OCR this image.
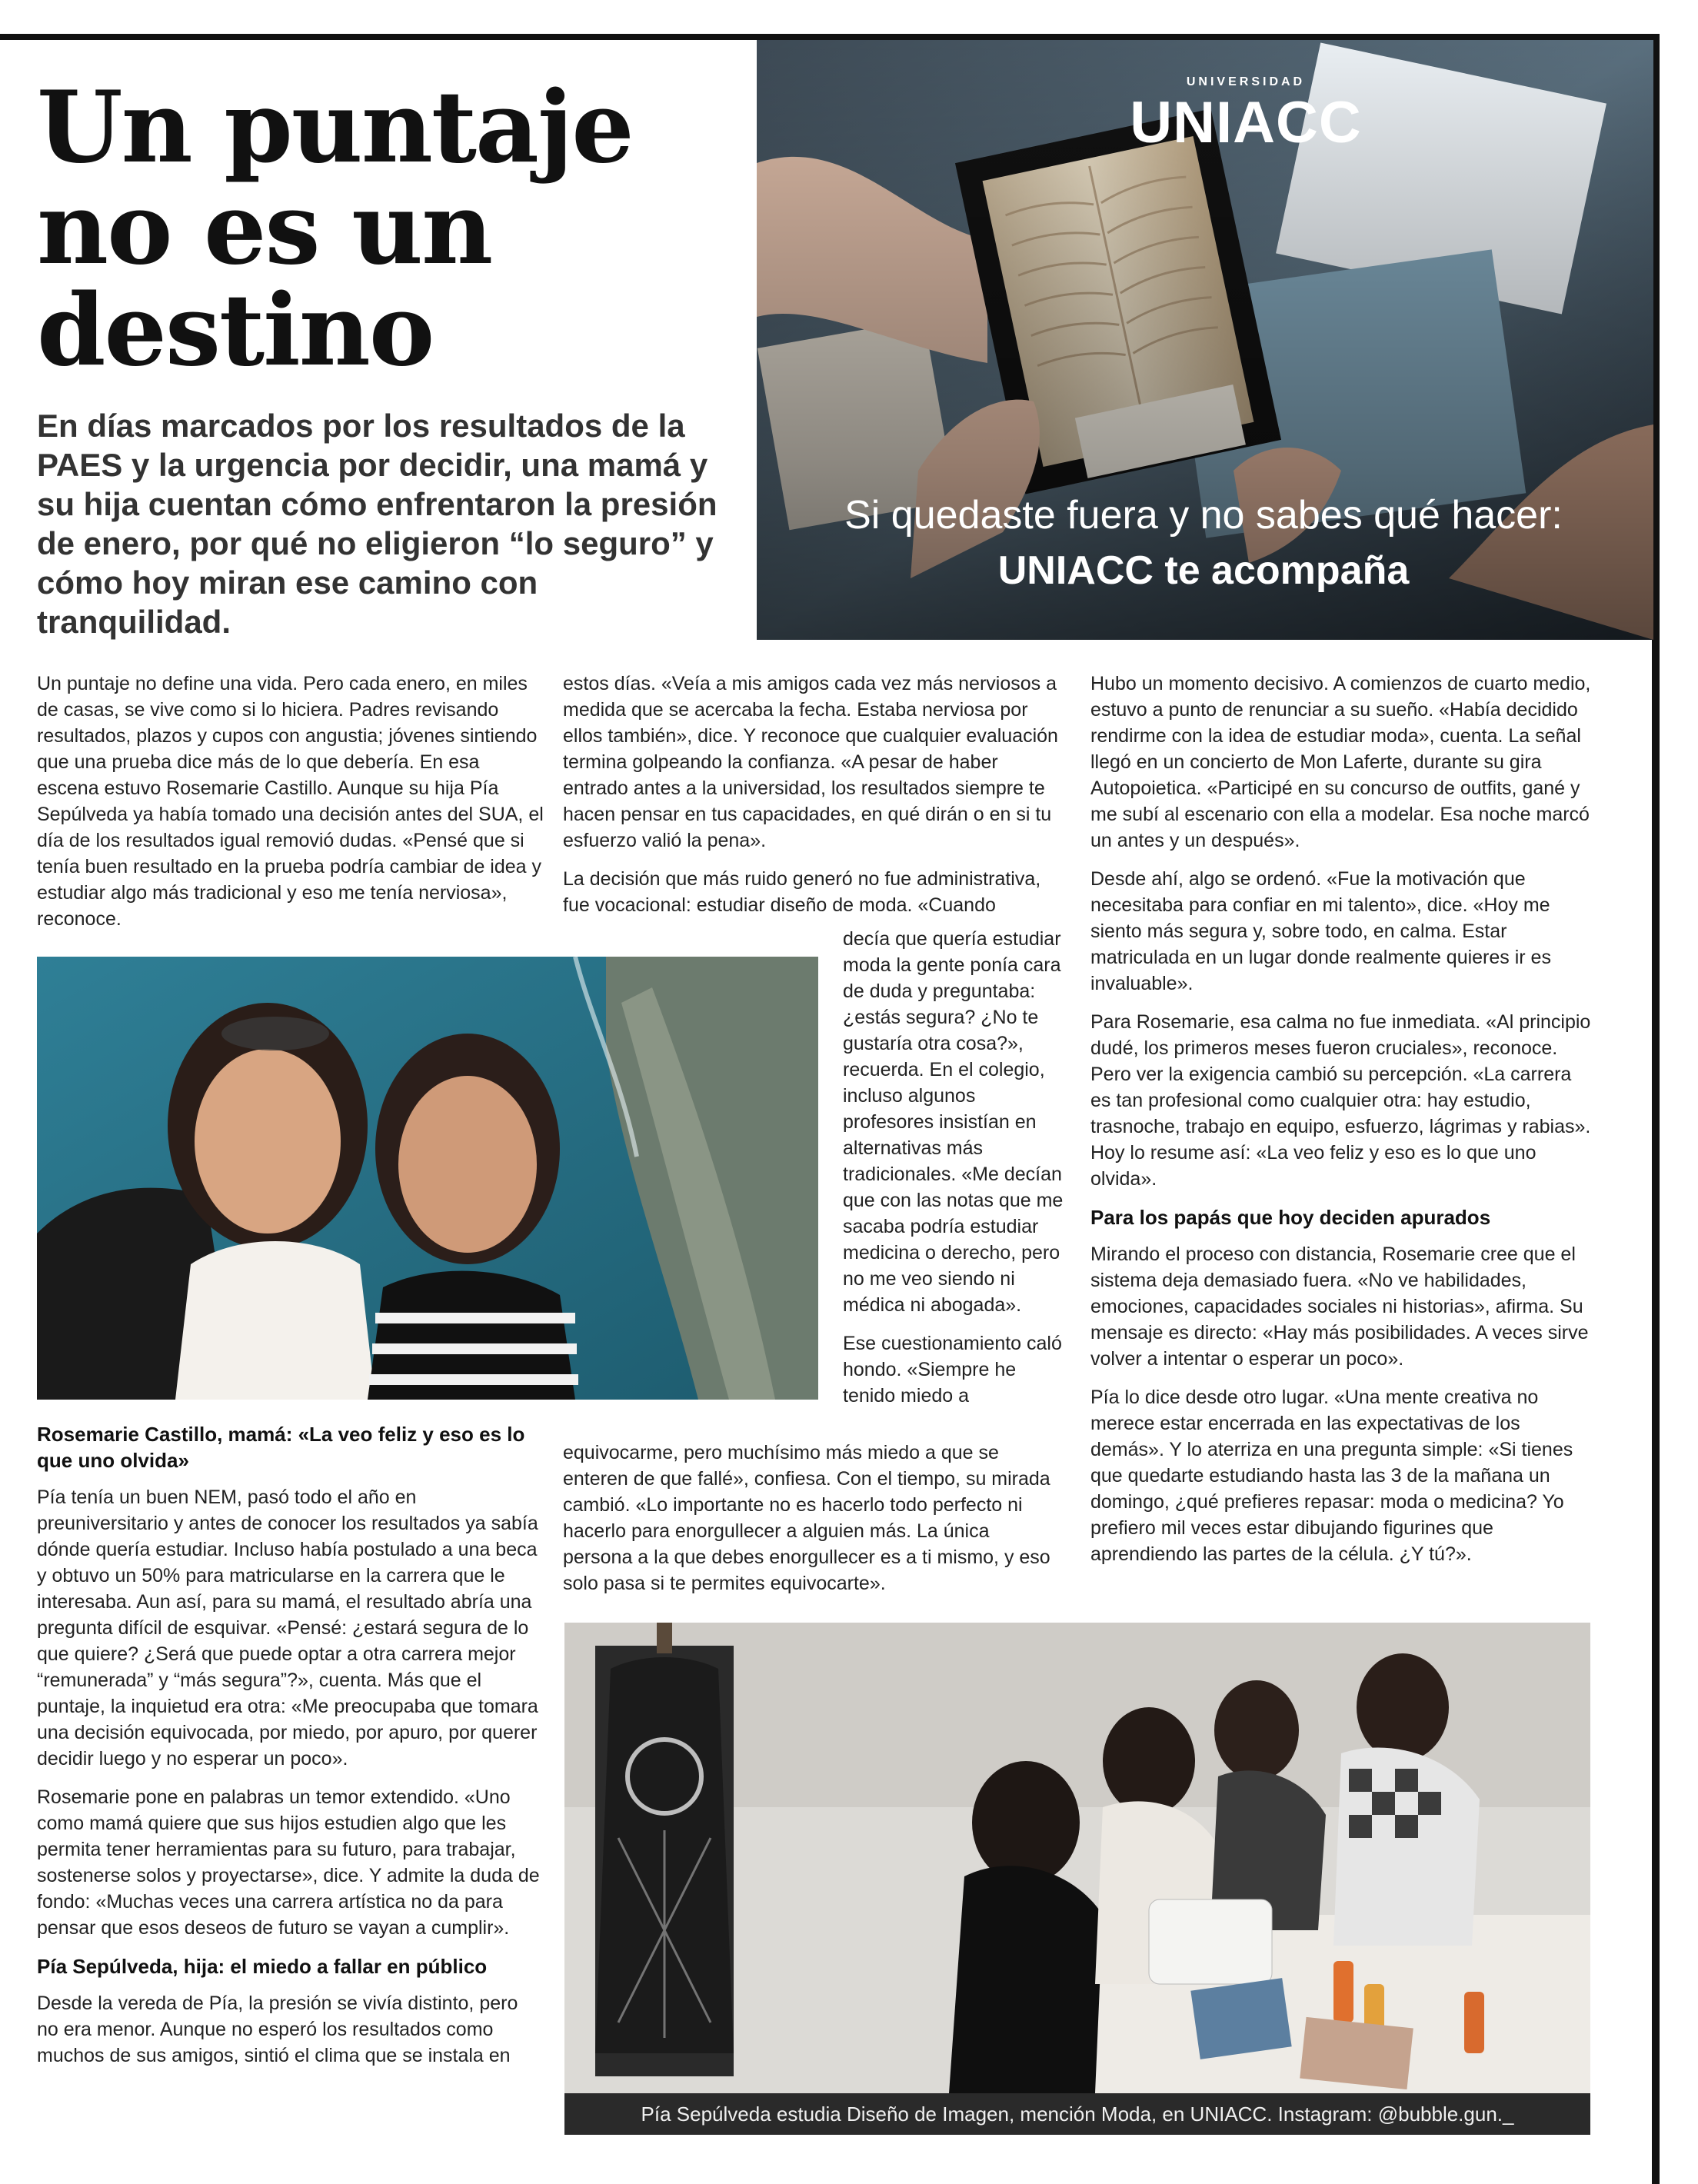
Un puntaje
no es un
destino
En días marcados por los resultados de la PAES y la urgencia por decidir, una mamá y su hija cuentan cómo enfrentaron la presión de enero, por qué no eligieron “lo seguro” y cómo hoy miran ese camino con tranquilidad.
UNIVERSIDAD
UNIACC
Si quedaste fuera y no sabes qué hacer:
UNIACC te acompaña

Un puntaje no define una vida. Pero cada enero, en miles de casas, se vive como si lo hiciera. Padres revisando resultados, plazos y cupos con angustia; jóvenes sintiendo que una prueba dice más de lo que debería. En esa escena estuvo Rosemarie Castillo. Aunque su hija Pía Sepúlveda ya había tomado una decisión antes del SUA, el día de los resultados igual removió dudas. «Pensé que si tenía buen resultado en la prueba podría cambiar de idea y estudiar algo más tradicional y eso me tenía nerviosa», reconoce.

Rosemarie Castillo, mamá: «La veo feliz y eso es lo que uno olvida»

Pía tenía un buen NEM, pasó todo el año en preuniversitario y antes de conocer los resultados ya sabía dónde quería estudiar. Incluso había postulado a una beca y obtuvo un 50% para matricularse en la carrera que le interesaba. Aun así, para su mamá, el resultado abría una pregunta difícil de esquivar. «Pensé: ¿estará segura de lo que quiere? ¿Será que puede optar a otra carrera mejor “remunerada” y “más segura”?», cuenta. Más que el puntaje, la inquietud era otra: «Me preocupaba que tomara una decisión equivocada, por miedo, por apuro, por querer decidir luego y no esperar un poco».

Rosemarie pone en palabras un temor extendido. «Uno como mamá quiere que sus hijos estudien algo que les permita tener herramientas para su futuro, para trabajar, sostenerse solos y proyectarse», dice. Y admite la duda de fondo: «Muchas veces una carrera artística no da para pensar que esos deseos de futuro se vayan a cumplir».

Pía Sepúlveda, hija: el miedo a fallar en público

Desde la vereda de Pía, la presión se vivía distinto, pero no era menor. Aunque no esperó los resultados como muchos de sus amigos, sintió el clima que se instala en

estos días. «Veía a mis amigos cada vez más nerviosos a medida que se acercaba la fecha. Estaba nerviosa por ellos también», dice. Y reconoce que cualquier evaluación termina golpeando la confianza. «A pesar de haber entrado antes a la universidad, los resultados siempre te hacen pensar en tus capacidades, en qué dirán o en si tu esfuerzo valió la pena».

La decisión que más ruido generó no fue administrativa, fue vocacional: estudiar diseño de moda. «Cuando

decía que quería estudiar moda la gente ponía cara de duda y preguntaba: ¿estás segura? ¿No te gustaría otra cosa?», recuerda. En el colegio, incluso algunos profesores insistían en alternativas más tradicionales. «Me decían que con las notas que me sacaba podría estudiar medicina o derecho, pero no me veo siendo ni médica ni abogada».

Ese cuestionamiento caló hondo. «Siempre he tenido miedo a

equivocarme, pero muchísimo más miedo a que se enteren de que fallé», confiesa. Con el tiempo, su mirada cambió. «Lo importante no es hacerlo todo perfecto ni hacerlo para enorgullecer a alguien más. La única persona a la que debes enorgullecer es a ti mismo, y eso solo pasa si te permites equivocarte».

Hubo un momento decisivo. A comienzos de cuarto medio, estuvo a punto de renunciar a su sueño. «Había decidido rendirme con la idea de estudiar moda», cuenta. La señal llegó en un concierto de Mon Laferte, durante su gira Autopoietica. «Participé en su concurso de outfits, gané y me subí al escenario con ella a modelar. Esa noche marcó un antes y un después».

Desde ahí, algo se ordenó. «Fue la motivación que necesitaba para confiar en mi talento», dice. «Hoy me siento más segura y, sobre todo, en calma. Estar matriculada en un lugar donde realmente quieres ir es invaluable».

Para Rosemarie, esa calma no fue inmediata. «Al principio dudé, los primeros meses fueron cruciales», reconoce. Pero ver la exigencia cambió su percepción. «La carrera es tan profesional como cualquier otra: hay estudio, trasnoche, trabajo en equipo, esfuerzo, lágrimas y rabias». Hoy lo resume así: «La veo feliz y eso es lo que uno olvida».

Para los papás que hoy deciden apurados

Mirando el proceso con distancia, Rosemarie cree que el sistema deja demasiado fuera. «No ve habilidades, emociones, capacidades sociales ni historias», afirma. Su mensaje es directo: «Hay más posibilidades. A veces sirve volver a intentar o esperar un poco».

Pía lo dice desde otro lugar. «Una mente creativa no merece estar encerrada en las expectativas de los demás». Y lo aterriza en una pregunta simple: «Si tienes que quedarte estudiando hasta las 3 de la mañana un domingo, ¿qué prefieres repasar: moda o medicina? Yo prefiero mil veces estar dibujando figurines que aprendiendo las partes de la célula. ¿Y tú?».

Pía Sepúlveda estudia Diseño de Imagen, mención Moda, en UNIACC. Instagram: @bubble.gun._
